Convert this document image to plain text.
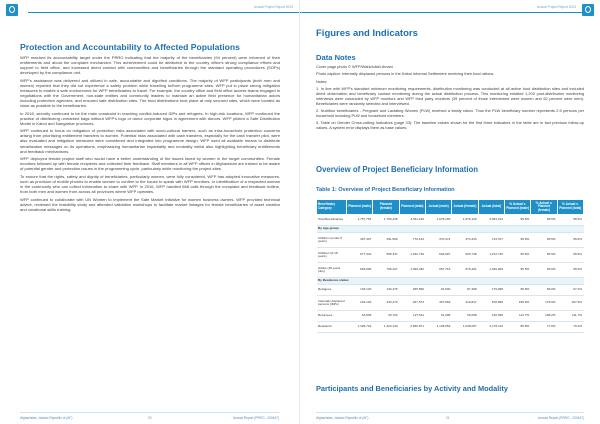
Annual Project Report 2023
Protection and Accountability to Affected Populations

WFP reached its accountability target under the PRRO indicating that the majority of the beneficiaries (94 percent) were informed of their entitlements and about the complaint mechanism. This achievement could be attributed to the country office's strong compliance efforts and support to field office, and increased direct contact with communities and beneficiaries through the standard operating procedures (SOPs) developed by the compliance unit.

WFP's assistance was delivered and utilized in safe, accountable and dignified conditions. The majority of WFP participants (both men and women) reported that they did not experience a safety problem while travelling to/from programme sites. WFP put in place strong mitigation measures to enable a safe environment for WFP beneficiaries to travel. For example, the country office and field office access teams engaged in negotiations with the Government, non-state entities and community leaders to maintain an active field presence for humanitarian actors including protection agencies, and ensured safe distribution sites. The food distributions took place at only secured sites, which were located as close as possible to the beneficiaries.

In 2016, security continued to be the main constraint in reaching conflict-induced IDPs and refugees. In high-risk locations, WFP continued the practice of distributing unmarked bags without WFP's logo or donor corporate logos in agreement with donors. WFP piloted a Safe Distribution Model in Kabul and Nangarhar provinces.

WFP continued to focus on mitigation of protection risks associated with socio-cultural barriers, such as intra-household protection concerns arising from prioritizing entitlement transfers to women. Potential risks associated with cash transfers, especially for the cash transfer pilot, were also evaluated and mitigation measures were considered and integrated into programme design. WFP used all available means to distribute sensitization messages on its operations, emphasizing humanitarian impartiality and neutrality whilst also highlighting beneficiary entitlements and feedback mechanisms.

WFP deployed female project staff who would have a better understanding of the issues faced by women in the target communities. Female monitors followed up with female recipients and collected their feedback. Staff members in all WFP offices in Afghanistan are trained to be aware of potential gender and protection issues in the programming cycle, particularly while monitoring the project sites.

To ensure that the rights, safety and dignity of beneficiaries, particularly women, were fully considered, WFP has adopted innovative measures, such as provision of mobile phones to enable women to confirm to the house to speak with WFP monitors, or identification of a respected woman in the community who can collect information to share with WFP. In 2016, WFP handled 668 calls through the complaint and feedback hotline, from both men and women from across all provinces where WFP operates.

WFP continued to collaborate with UN Women to implement the Safe Market Initiative for women business owners. WFP provided technical advice, reviewed the feasibility study and attended validation workshops to facilitate market linkages for female beneficiaries of asset creation and vocational skills training.

Afghanistan, Islamic Republic of (AF)	20	Annual Report (PRRO - 200447)
Annual Project Report 2023
Figures and Indicators
Data Notes

Cover page photo © WFP/Wahidullah Amani

Photo caption: Internally displaced persons in the Kabul Informal Settlement receiving their food rations.

Notes:

1. In line with WFP's standard minimum monitoring requirements, distribution monitoring was conducted at all active food distribution sites and included direct observation and beneficiary contact monitoring during the actual distribution process. This monitoring entailed 1,200 post-distribution monitoring interviews were conducted by WFP monitors and WFP third party monitors (39 percent of those interviewed were women and 62 percent were men). Beneficiaries were randomly selected and interviewed.

2. Nutrition beneficiaries - Pregnant and Lactating Women (PLW) received a family ration. Thus the PLW beneficiary number represents 2.5 persons per household including PLW and household members.

3. Table on Gender Cross-cutting Indicators (page 33): The baseline values shown for the first three indicators in the table are in fact previous follow-up values. A system error displays them as base values.

Overview of Project Beneficiary Information
Table 1: Overview of Project Beneficiary Information
Beneficiary Category	Planned (male)	Planned (female)	Planned (total)	Actual (male)	Actual (female)	Actual (total)	% Actual v. Planned (male)	% Actual v. Planned (female)	% Actual v. Planned (total)
Total Beneficiaries	1,757,754	1,753,436	3,511,190	1,678,193	1,676,120	3,354,313	95.5%	95.6%	95.5%
By Age-group:									
Children (under 5 years)	387,407	391,666	779,133	370,474	374,233	744,707	95.6%	95.5%	95.6%
Children (5-18 years)	677,342	655,347	1,332,749	646,997	625,748	1,272,745	95.5%	95.5%	95.5%
Adults (18 years plus)	693,005	706,427	1,399,432	657,716	676,461	1,336,209	95.5%	95.6%	95.6%
By Residence status:									
Refugees	133,120	132,476	265,596	91,630	87,468	179,098	68.8%	66.0%	67.4%
Internally displaced persons (IDPs)	234,103	233,470	467,573	467,869	410,817	878,686	199.9%	176.0%	187.9%
Returnees	63,809	63,702	127,511	61,298	59,098	120,396	114.7%	108.2%	111.7%
Residents	1,326,722	1,324,149	2,650,871	1,138,053	1,038,057	2,176,110	85.8%	77.8%	79.4%
Participants and Beneficiaries by Activity and Modality
Afghanistan, Islamic Republic of (AF)	21	Annual Report (PRRO - 200447)
